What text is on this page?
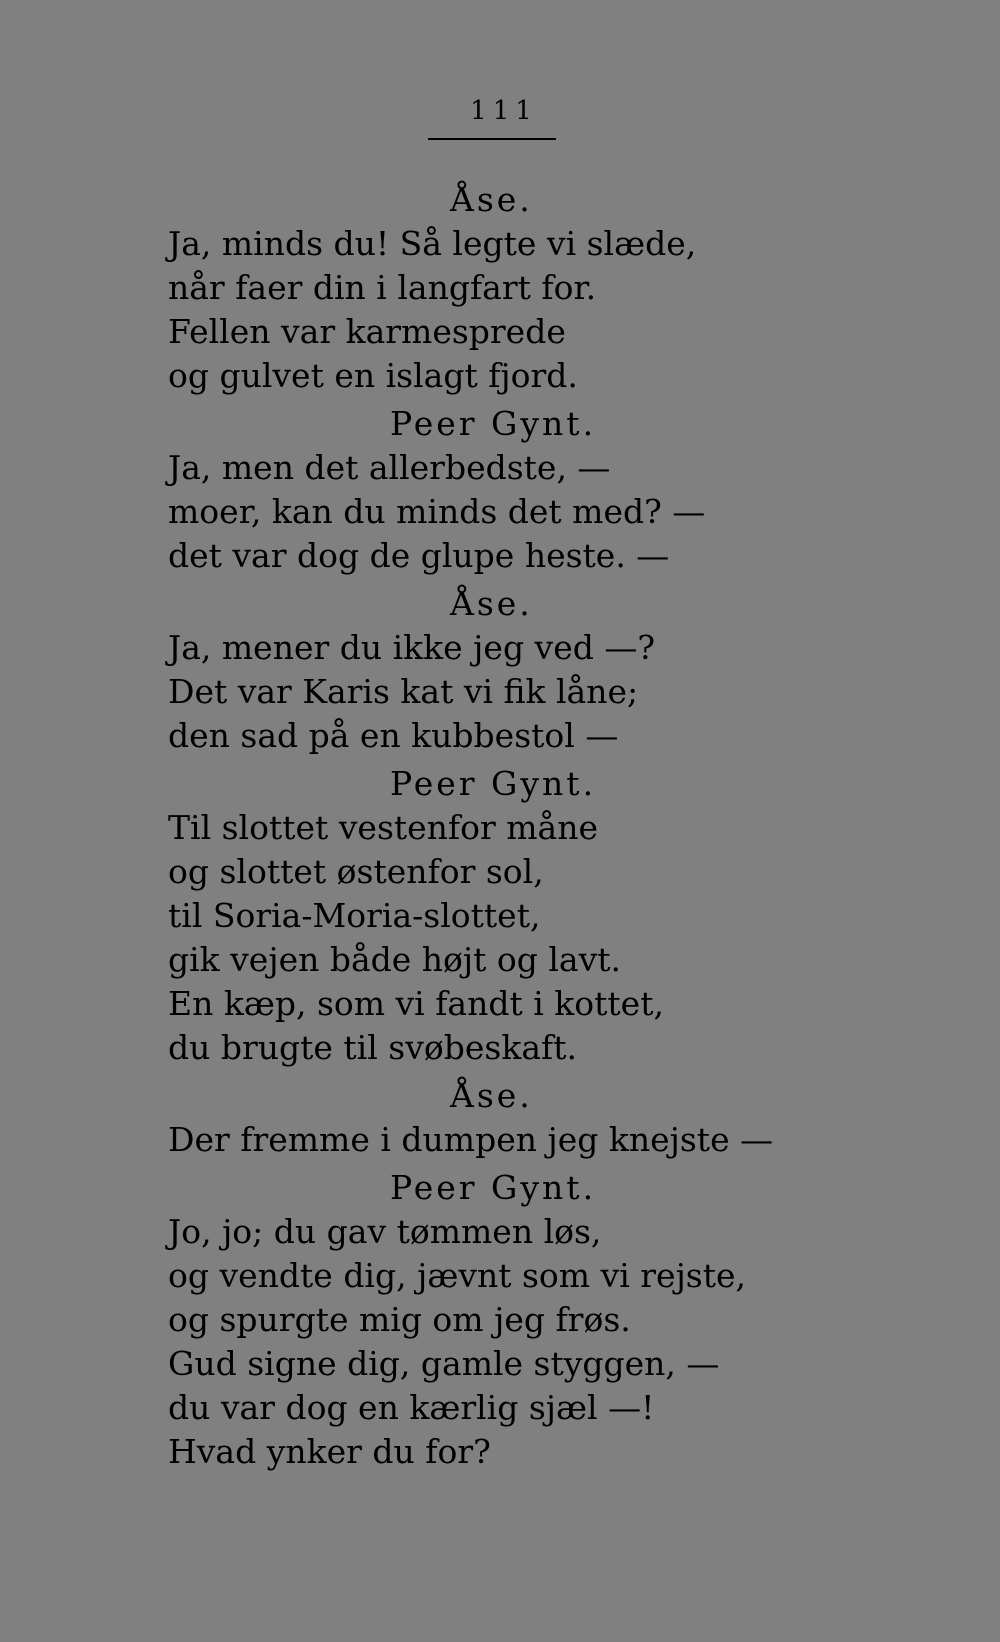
111
Åse.
Ja, minds du! Så legte vi slæde,
når faer din i langfart for.
Fellen var karmesprede
og gulvet en islagt fjord.
Peer Gynt.
Ja, men det allerbedste, —
moer, kan du minds det med? —
det var dog de glupe heste. —
Åse.
Ja, mener du ikke jeg ved —?
Det var Karis kat vi fik låne;
den sad på en kubbestol —
Peer Gynt.
Til slottet vestenfor måne
og slottet østenfor sol,
til Soria-Moria-slottet,
gik vejen både højt og lavt.
En kæp, som vi fandt i kottet,
du brugte til svøbeskaft.
Åse.
Der fremme i dumpen jeg knejste —
Peer Gynt.
Jo, jo; du gav tømmen løs,
og vendte dig, jævnt som vi rejste,
og spurgte mig om jeg frøs.
Gud signe dig, gamle styggen, —
du var dog en kærlig sjæl —!
Hvad ynker du for?
